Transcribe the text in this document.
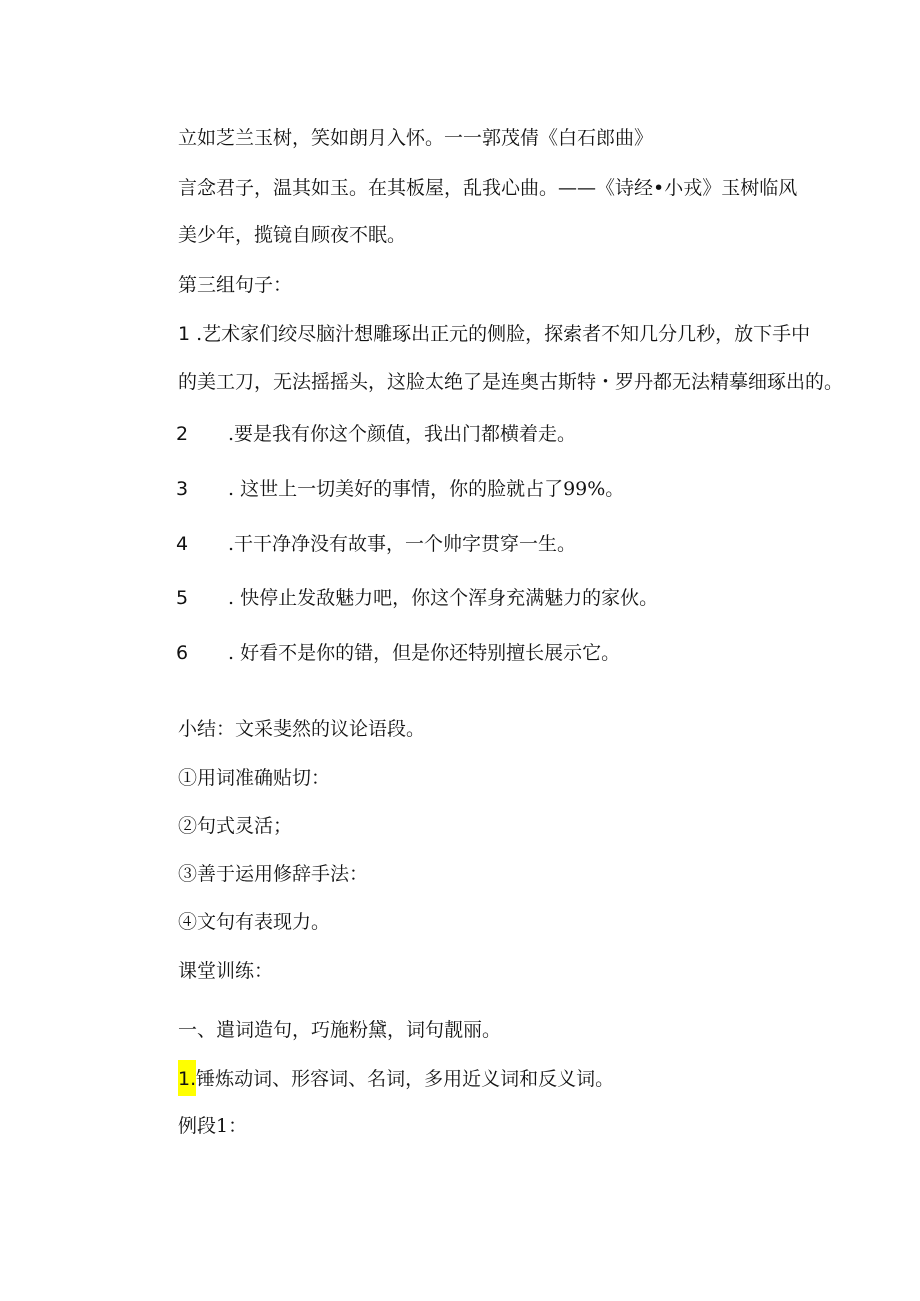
立如芝兰玉树，笑如朗月入怀。一一郭茂倩《白石郎曲》
言念君子，温其如玉。在其板屋，乱我心曲。——《诗经•小戎》玉树临风
美少年，揽镜自顾夜不眠。
第三组句子：
1 .艺术家们绞尽脑汁想雕琢出正元的侧脸，探索者不知几分几秒，放下手中
的美工刀，无法摇摇头，这脸太绝了是连奥古斯特・罗丹都无法精摹细琢出的。
2 .要是我有你这个颜值，我出门都横着走。
3 . 这世上一切美好的事情，你的脸就占了99%。
4 .干干净净没有故事，一个帅字贯穿一生。
5 . 快停止发敌魅力吧，你这个浑身充满魅力的家伙。
6 . 好看不是你的错，但是你还特别擅长展示它。
小结：文采斐然的议论语段。
①用词准确贴切：
②句式灵活；
③善于运用修辞手法：
④文句有表现力。
课堂训练：
一、遣词造句，巧施粉黛，词句靓丽。
1.锤炼动词、形容词、名词，多用近义词和反义词。
例段1：
